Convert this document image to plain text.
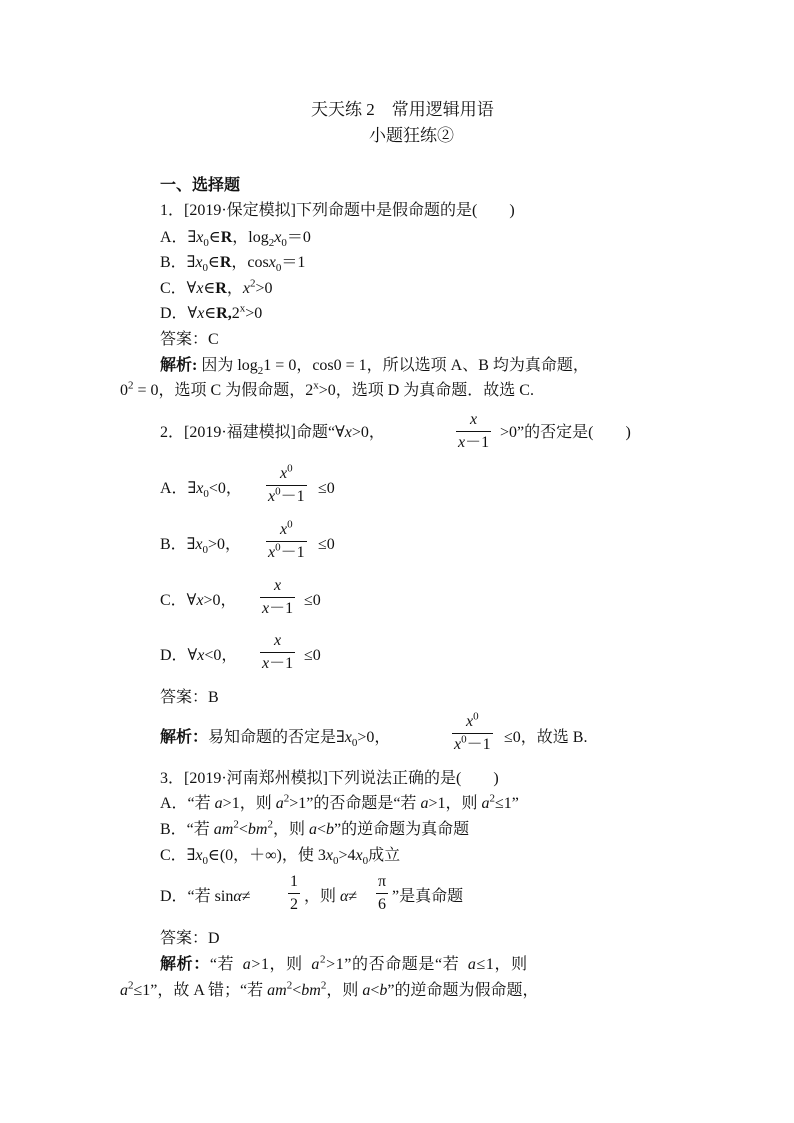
天天练 2　常用逻辑用语
小题狂练②
一、选择题
1．[2019·保定模拟]下列命题中是假命题的是(　　)
A．$\exists x_0\in R$，$\log_2x_0=0$
B．$\exists x_0\in R$，cosx$_0$＝1
C．∀x∈R，$x^2>0$
D．$\forall x\in R,2^x>0$
答案：C
解析: 因为 $\log_21 = 0$，cos0 = 1，所以选项 A、B 均为真命题，
$0^2 = 0$，选项 C 为假命题，$2^x>0$，选项 D 为真命题．故选 C.
2．[2019·福建模拟]命题“∀x>0，	$\frac{x}{x-1} >0$”的否定是(　　)
A．$\exists x_0<0$， $\frac{x^0}{x^0-1} \le 0$
B．$\exists x_0>0$， $\frac{x^0}{x^0-1} \le 0$
C．∀x>0， $\frac{x}{x-1} \le 0$
D．∀x<0， $\frac{x}{x-1} \le 0$
答案：B
解析：易知命题的否定是$\exists x_0>0$，	$\frac{x^0}{x^0-1} \le 0$，故选 B.
3．[2019·河南郑州模拟]下列说法正确的是(　　)
A．“若 a>1，则 $a^2>1$”的否命题是“若 a>1，则 $a^2\le 1$”
B．“若 $am^2<bm^2$，则 a<b”的逆命题为真命题
C．$\exists x_0\in(0$，＋∞)，使 $3x_0>4x_0$成立
D．“若 $\sin\alpha\ne \frac{1}{2}$ ，则 $\alpha\ne \frac{\pi}{6}$ ”是真命题
答案：D
解析：“若 a>1，则 $a^2>1$”的否命题是“若 a≤1，则
$a^2\le 1$”，故 A 错；“若 $am^2<bm^2$，则 a<b”的逆命题为假命题，
